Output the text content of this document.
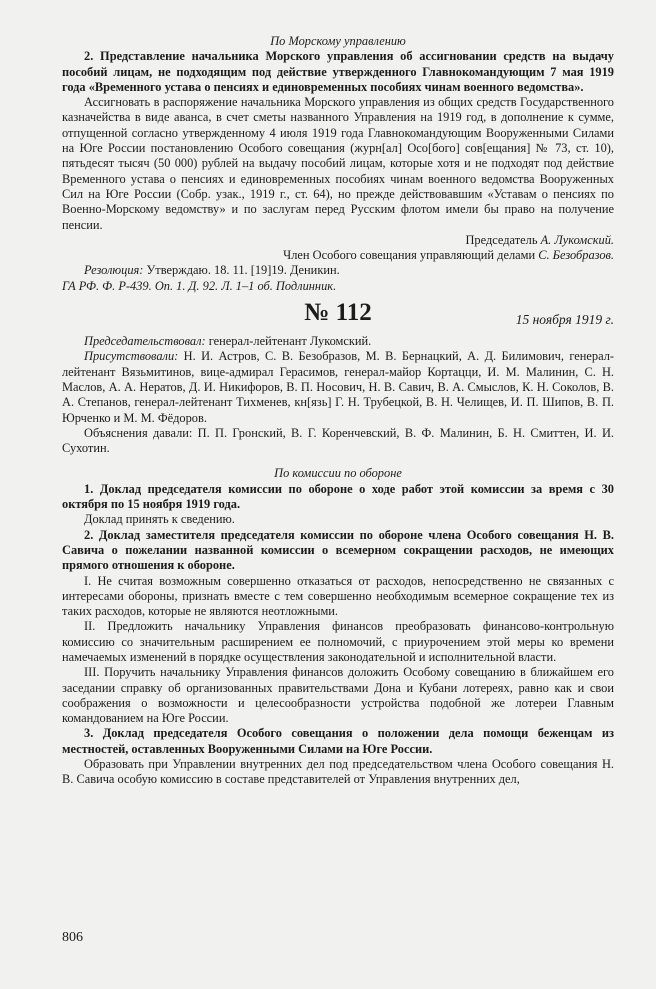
По Морскому управлению

2. Представление начальника Морского управления об ассигновании средств на выдачу пособий лицам, не подходящим под действие утвержденного Главнокомандующим 7 мая 1919 года «Временного устава о пенсиях и единовременных пособиях чинам военного ведомства».

Ассигновать в распоряжение начальника Морского управления из общих средств Государственного казначейства в виде аванса, в счет сметы названного Управления на 1919 год, в дополнение к сумме, отпущенной согласно утвержденному 4 июля 1919 года Главнокомандующим Вооруженными Силами на Юге России постановлению Особого совещания (журн[ал] Осо[бого] сов[ещания] № 73, ст. 10), пятьдесят тысяч (50 000) рублей на выдачу пособий лицам, которые хотя и не подходят под действие Временного устава о пенсиях и единовременных пособиях чинам военного ведомства Вооруженных Сил на Юге России (Собр. узак., 1919 г., ст. 64), но прежде действовавшим «Уставам о пенсиях по Военно-Морскому ведомству» и по заслугам перед Русским флотом имели бы право на получение пенсии.

Председатель А. Лукомский.

Член Особого совещания управляющий делами С. Безобразов.

Резолюция: Утверждаю. 18. 11. [19]19. Деникин.

ГА РФ. Ф. Р-439. Оп. 1. Д. 92. Л. 1–1 об. Подлинник.

№ 112	15 ноября 1919 г.

Председательствовал: генерал-лейтенант Лукомский.

Присутствовали: Н. И. Астров, С. В. Безобразов, М. В. Бернацкий, А. Д. Билимович, генерал-лейтенант Вязьмитинов, вице-адмирал Герасимов, генерал-майор Кортацци, И. М. Малинин, С. Н. Маслов, А. А. Нератов, Д. И. Никифоров, В. П. Носович, Н. В. Савич, В. А. Смыслов, К. Н. Соколов, В. А. Степанов, генерал-лейтенант Тихменев, кн[язь] Г. Н. Трубецкой, В. Н. Челищев, И. П. Шипов, В. П. Юрченко и М. М. Фёдоров.

Объяснения давали: П. П. Гронский, В. Г. Коренчевский, В. Ф. Малинин, Б. Н. Смиттен, И. И. Сухотин.

По комиссии по обороне

1. Доклад председателя комиссии по обороне о ходе работ этой комиссии за время с 30 октября по 15 ноября 1919 года.

Доклад принять к сведению.

2. Доклад заместителя председателя комиссии по обороне члена Особого совещания Н. В. Савича о пожелании названной комиссии о всемерном сокращении расходов, не имеющих прямого отношения к обороне.

I. Не считая возможным совершенно отказаться от расходов, непосредственно не связанных с интересами обороны, признать вместе с тем совершенно необходимым всемерное сокращение тех из таких расходов, которые не являются неотложными.

II. Предложить начальнику Управления финансов преобразовать финансово-контрольную комиссию со значительным расширением ее полномочий, с приурочением этой меры ко времени намечаемых изменений в порядке осуществления законодательной и исполнительной власти.

III. Поручить начальнику Управления финансов доложить Особому совещанию в ближайшем его заседании справку об организованных правительствами Дона и Кубани лотереях, равно как и свои соображения о возможности и целесообразности устройства подобной же лотереи Главным командованием на Юге России.

3. Доклад председателя Особого совещания о положении дела помощи беженцам из местностей, оставленных Вооруженными Силами на Юге России.

Образовать при Управлении внутренних дел под председательством члена Особого совещания Н. В. Савича особую комиссию в составе представителей от Управления внутренних дел,

806
